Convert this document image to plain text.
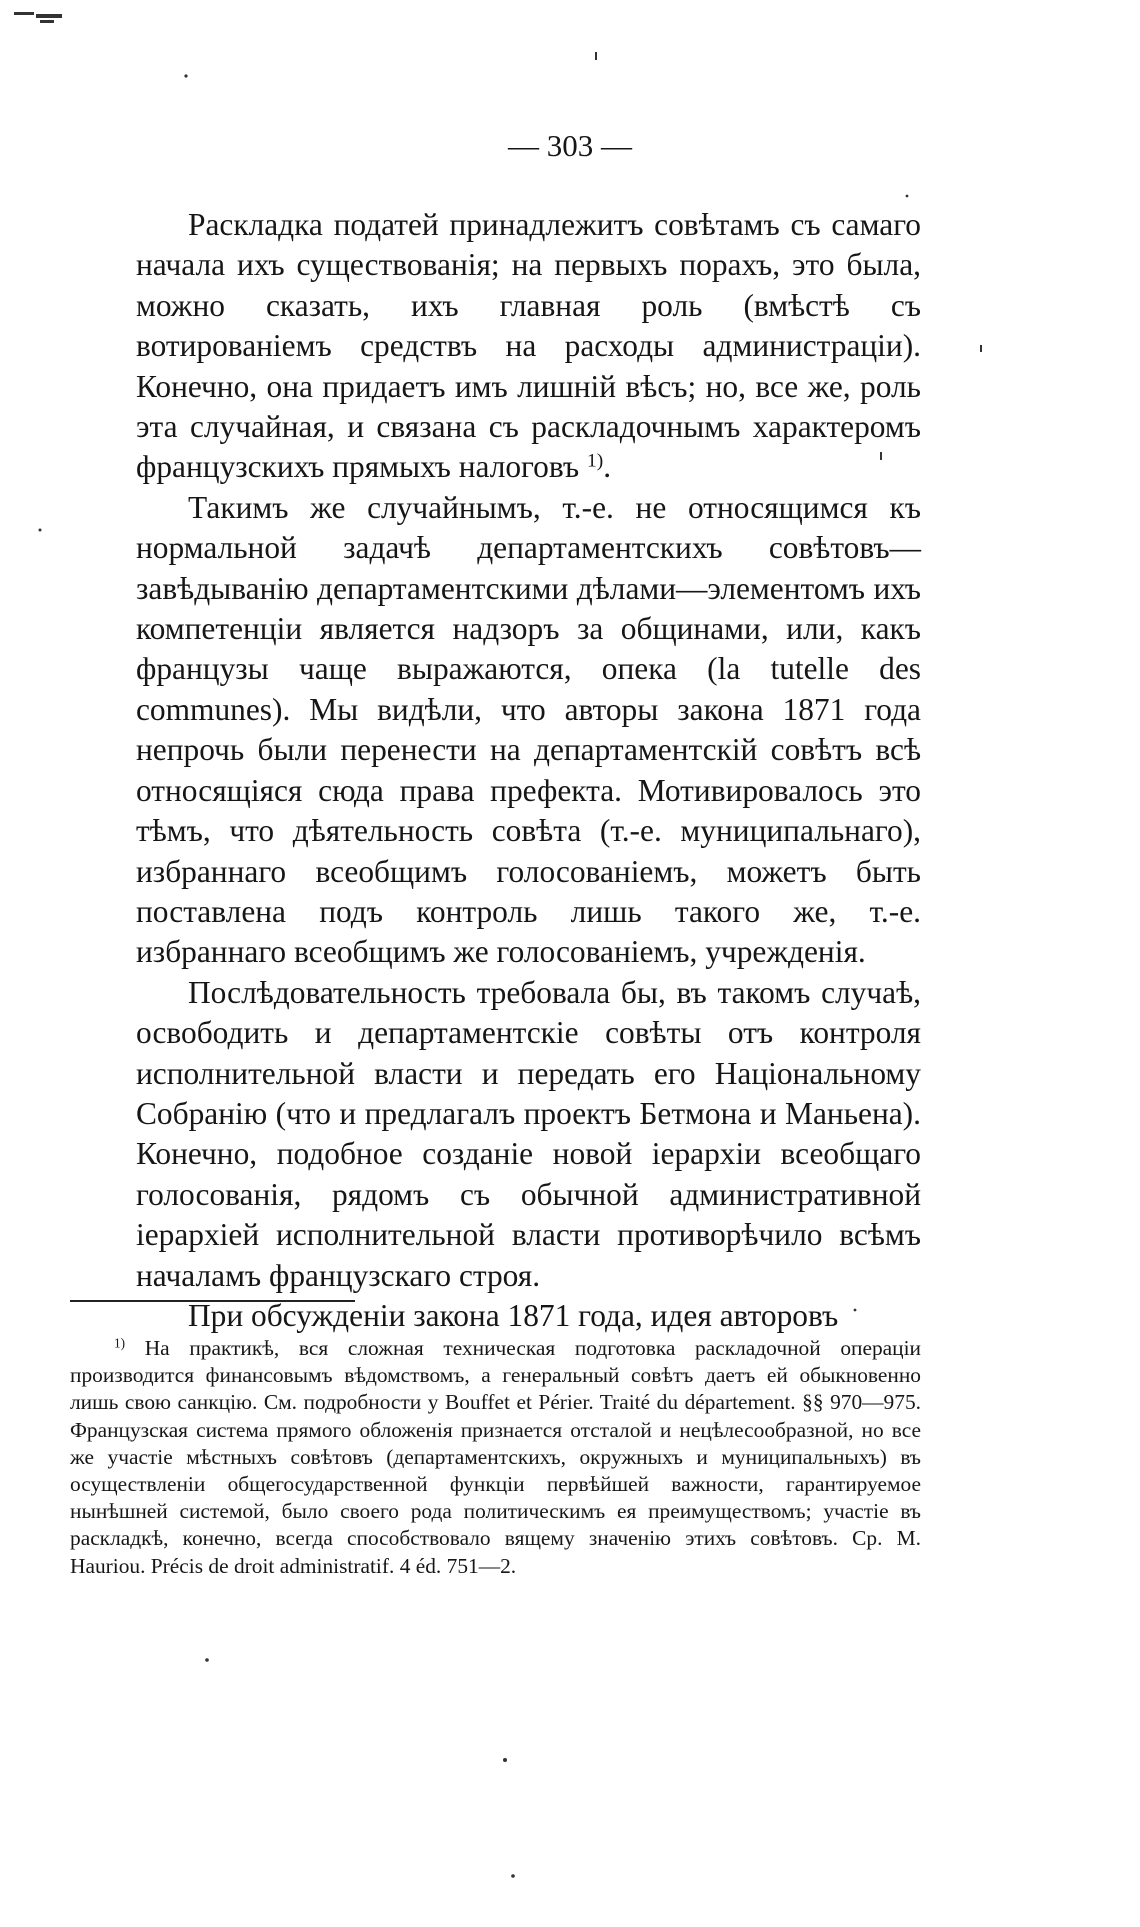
— 303 —

Раскладка податей принадлежитъ совѣтамъ съ самаго начала ихъ существованія; на первыхъ порахъ, это была, можно сказать, ихъ главная роль (вмѣстѣ съ вотированіемъ средствъ на расходы администраціи). Конечно, она придаетъ имъ лишній вѣсъ; но, все же, роль эта случайная, и связана съ раскладочнымъ характеромъ французскихъ прямыхъ налоговъ $^{1)}$.

Такимъ же случайнымъ, т.-е. не относящимся къ нормальной задачѣ департаментскихъ совѣтовъ—завѣдыванію департаментскими дѣлами—элементомъ ихъ компетенціи является надзоръ за общинами, или, какъ французы чаще выражаются, опека (la tutelle des communes). Мы видѣли, что авторы закона 1871 года непрочь были перенести на департаментскій совѣтъ всѣ относящіяся сюда права префекта. Мотивировалось это тѣмъ, что дѣятельность совѣта (т.-е. муниципальнаго), избраннаго всеобщимъ голосованіемъ, можетъ быть поставлена подъ контроль лишь такого же, т.-е. избраннаго всеобщимъ же голосованіемъ, учрежденія.

Послѣдовательность требовала бы, въ такомъ случаѣ, освободить и департаментскіе совѣты отъ контроля исполнительной власти и передать его Національному Собранію (что и предлагалъ проектъ Бетмона и Маньена). Конечно, подобное созданіе новой іерархіи всеобщаго голосованія, рядомъ съ обычной административной іерархіей исполнительной власти противорѣчило всѣмъ началамъ французскаго строя.

При обсужденіи закона 1871 года, идея авторовъ

$^{1)}$ На практикѣ, вся сложная техническая подготовка раскладочной операціи производится финансовымъ вѣдомствомъ, а генеральный совѣтъ даетъ ей обыкновенно лишь свою санкцію. См. подробности у Bouffet et Périer. Traité du département. §§ 970—975. Французская система прямого обложенія признается отсталой и нецѣлесообразной, но все же участіе мѣстныхъ совѣтовъ (департаментскихъ, окружныхъ и муниципальныхъ) въ осуществленіи общегосударственной функціи первѣйшей важности, гарантируемое нынѣшней системой, было своего рода политическимъ ея преимуществомъ; участіе въ раскладкѣ, конечно, всегда способствовало вящему значенію этихъ совѣтовъ. Ср. M. Hauriou. Précis de droit administratif. 4 éd. 751—2.
